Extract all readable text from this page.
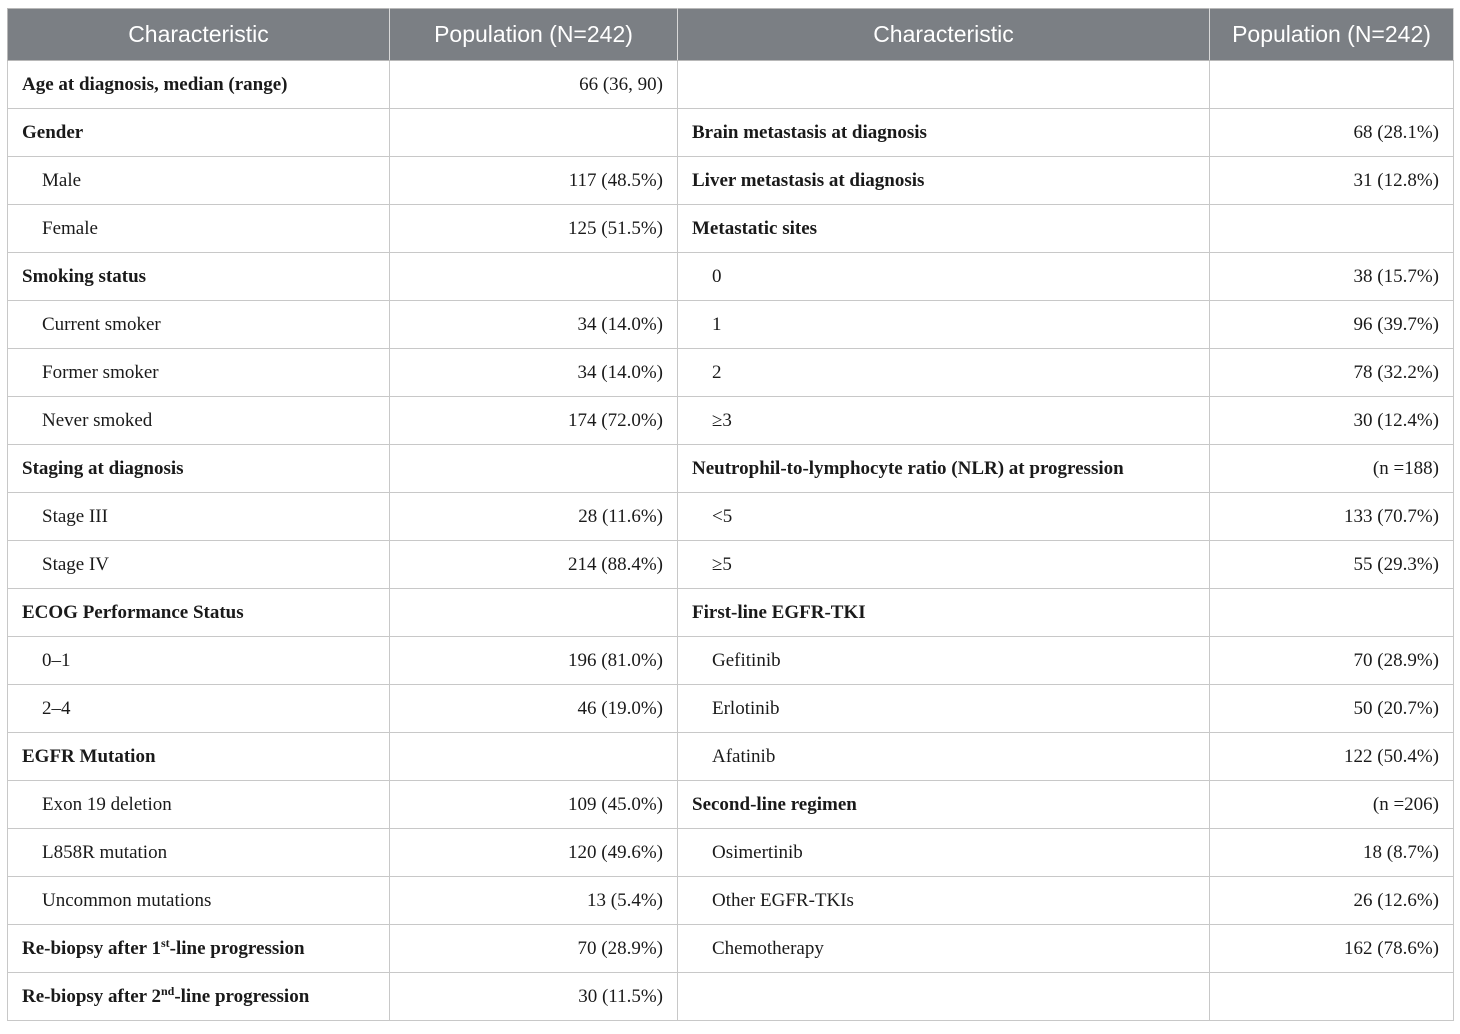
Characteristic	Population (N=242)	Characteristic	Population (N=242)
Age at diagnosis, median (range)	66 (36, 90)		
Gender		Brain metastasis at diagnosis	68 (28.1%)
Male	117 (48.5%)	Liver metastasis at diagnosis	31 (12.8%)
Female	125 (51.5%)	Metastatic sites	
Smoking status		0	38 (15.7%)
Current smoker	34 (14.0%)	1	96 (39.7%)
Former smoker	34 (14.0%)	2	78 (32.2%)
Never smoked	174 (72.0%)	≥3	30 (12.4%)
Staging at diagnosis		Neutrophil-to-lymphocyte ratio (NLR) at progression	(n =188)
Stage III	28 (11.6%)	<5	133 (70.7%)
Stage IV	214 (88.4%)	≥5	55 (29.3%)
ECOG Performance Status		First-line EGFR-TKI	
0–1	196 (81.0%)	Gefitinib	70 (28.9%)
2–4	46 (19.0%)	Erlotinib	50 (20.7%)
EGFR Mutation		Afatinib	122 (50.4%)
Exon 19 deletion	109 (45.0%)	Second-line regimen	(n =206)
L858R mutation	120 (49.6%)	Osimertinib	18 (8.7%)
Uncommon mutations	13 (5.4%)	Other EGFR-TKIs	26 (12.6%)
Re-biopsy after 1st-line progression	70 (28.9%)	Chemotherapy	162 (78.6%)
Re-biopsy after 2nd-line progression	30 (11.5%)		
